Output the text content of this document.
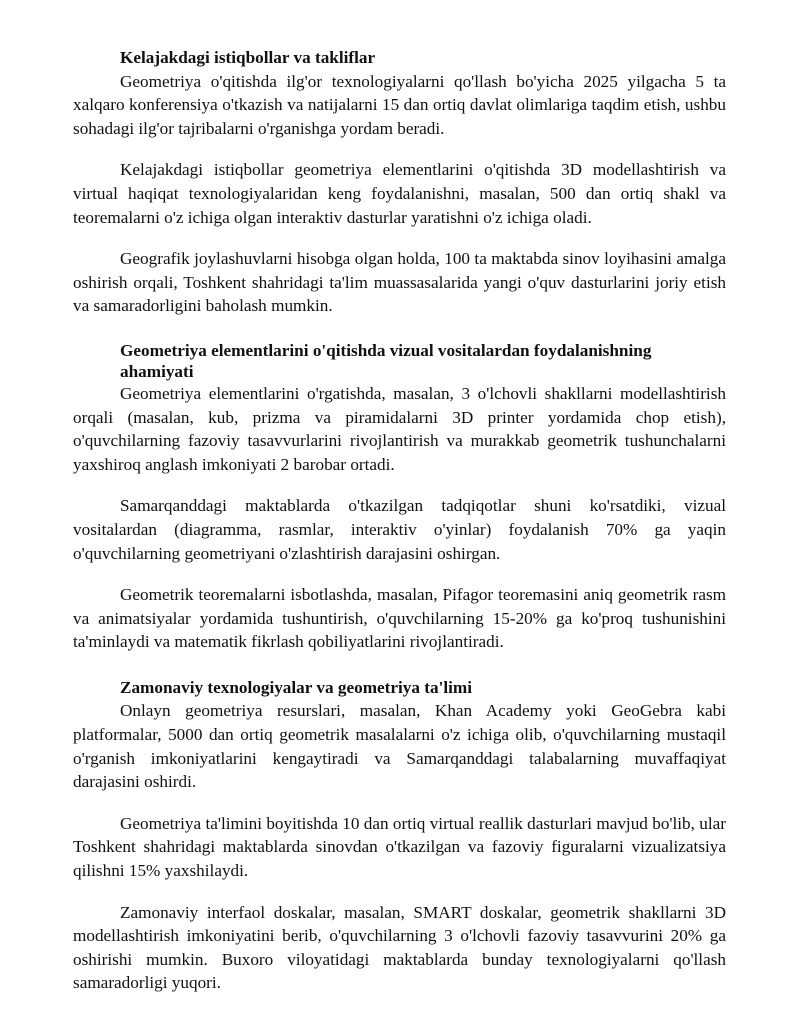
Kelajakdagi istiqbollar va takliflar

Geometriya o'qitishda ilg'or texnologiyalarni qo'llash bo'yicha 2025 yilgacha 5 ta xalqaro konferensiya o'tkazish va natijalarni 15 dan ortiq davlat olimlariga taqdim etish, ushbu sohadagi ilg'or tajribalarni o'rganishga yordam beradi.

Kelajakdagi istiqbollar geometriya elementlarini o'qitishda 3D modellashtirish va virtual haqiqat texnologiyalaridan keng foydalanishni, masalan, 500 dan ortiq shakl va teoremalarni o'z ichiga olgan interaktiv dasturlar yaratishni o'z ichiga oladi.

Geografik joylashuvlarni hisobga olgan holda, 100 ta maktabda sinov loyihasini amalga oshirish orqali, Toshkent shahridagi ta'lim muassasalarida yangi o'quv dasturlarini joriy etish va samaradorligini baholash mumkin.

Geometriya elementlarini o'qitishda vizual vositalardan foydalanishning ahamiyati

Geometriya elementlarini o'rgatishda, masalan, 3 o'lchovli shakllarni modellashtirish orqali (masalan, kub, prizma va piramidalarni 3D printer yordamida chop etish), o'quvchilarning fazoviy tasavvurlarini rivojlantirish va murakkab geometrik tushunchalarni yaxshiroq anglash imkoniyati 2 barobar ortadi.

Samarqanddagi maktablarda o'tkazilgan tadqiqotlar shuni ko'rsatdiki, vizual vositalardan (diagramma, rasmlar, interaktiv o'yinlar) foydalanish 70% ga yaqin o'quvchilarning geometriyani o'zlashtirish darajasini oshirgan.

Geometrik teoremalarni isbotlashda, masalan, Pifagor teoremasini aniq geometrik rasm va animatsiyalar yordamida tushuntirish, o'quvchilarning 15-20% ga ko'proq tushunishini ta'minlaydi va matematik fikrlash qobiliyatlarini rivojlantiradi.

Zamonaviy texnologiyalar va geometriya ta'limi

Onlayn geometriya resurslari, masalan, Khan Academy yoki GeoGebra kabi platformalar, 5000 dan ortiq geometrik masalalarni o'z ichiga olib, o'quvchilarning mustaqil o'rganish imkoniyatlarini kengaytiradi va Samarqanddagi talabalarning muvaffaqiyat darajasini oshirdi.

Geometriya ta'limini boyitishda 10 dan ortiq virtual reallik dasturlari mavjud bo'lib, ular Toshkent shahridagi maktablarda sinovdan o'tkazilgan va fazoviy figuralarni vizualizatsiya qilishni 15% yaxshilaydi.

Zamonaviy interfaol doskalar, masalan, SMART doskalar, geometrik shakllarni 3D modellashtirish imkoniyatini berib, o'quvchilarning 3 o'lchovli fazoviy tasavvurini 20% ga oshirishi mumkin. Buxoro viloyatidagi maktablarda bunday texnologiyalarni qo'llash samaradorligi yuqori.
